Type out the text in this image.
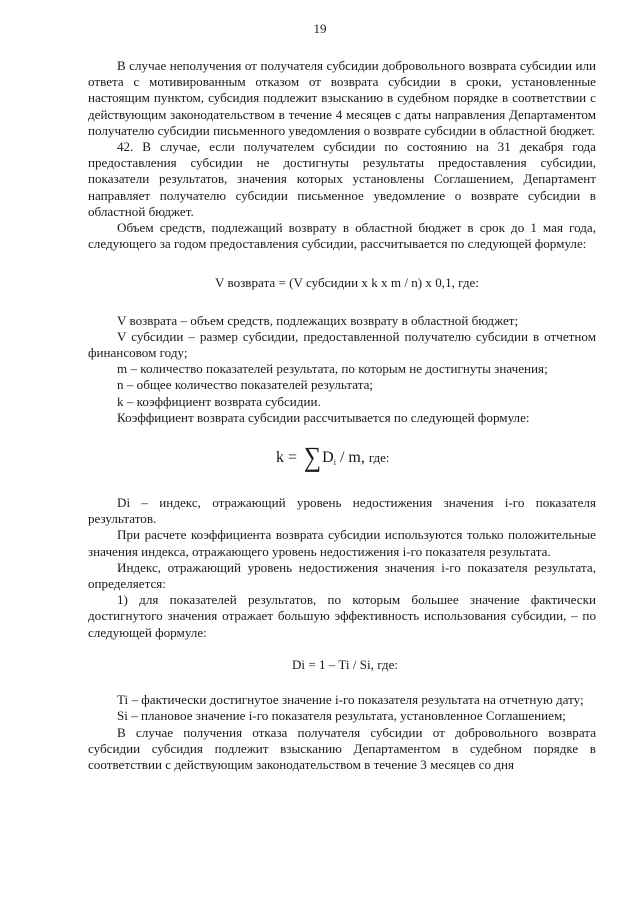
19

В случае неполучения от получателя субсидии добровольного возврата субсидии или ответа с мотивированным отказом от возврата субсидии в сроки, установленные настоящим пунктом, субсидия подлежит взысканию в судебном порядке в соответствии с действующим законодательством в течение 4 месяцев с даты направления Департаментом получателю субсидии письменного уведомления о возврате субсидии в областной бюджет.

42. В случае, если получателем субсидии по состоянию на 31 декабря года предоставления субсидии не достигнуты результаты предоставления субсидии, показатели результатов, значения которых установлены Соглашением, Департамент направляет получателю субсидии письменное уведомление о возврате субсидии в областной бюджет.

Объем средств, подлежащий возврату в областной бюджет в срок до 1 мая года, следующего за годом предоставления субсидии, рассчитывается по следующей формуле:

V возврата = (V субсидии x k x m / n) x 0,1, где:

V возврата – объем средств, подлежащих возврату в областной бюджет;

V субсидии – размер субсидии, предоставленной получателю субсидии в отчетном финансовом году;

m – количество показателей результата, по которым не достигнуты значения;

n – общее количество показателей результата;

k – коэффициент возврата субсидии.

Коэффициент возврата субсидии рассчитывается по следующей формуле:

$k = \sum D_i / m$, где:

Di – индекс, отражающий уровень недостижения значения i-го показателя результатов.

При расчете коэффициента возврата субсидии используются только положительные значения индекса, отражающего уровень недостижения i-го показателя результата.

Индекс, отражающий уровень недостижения значения i-го показателя результата, определяется:

1) для показателей результатов, по которым большее значение фактически достигнутого значения отражает большую эффективность использования субсидии, – по следующей формуле:

Di = 1 – Ti / Si, где:

Ti – фактически достигнутое значение i-го показателя результата на отчетную дату;

Si – плановое значение i-го показателя результата, установленное Соглашением;

В случае получения отказа получателя субсидии от добровольного возврата субсидии субсидия подлежит взысканию Департаментом в судебном порядке в соответствии с действующим законодательством в течение 3 месяцев со дня
